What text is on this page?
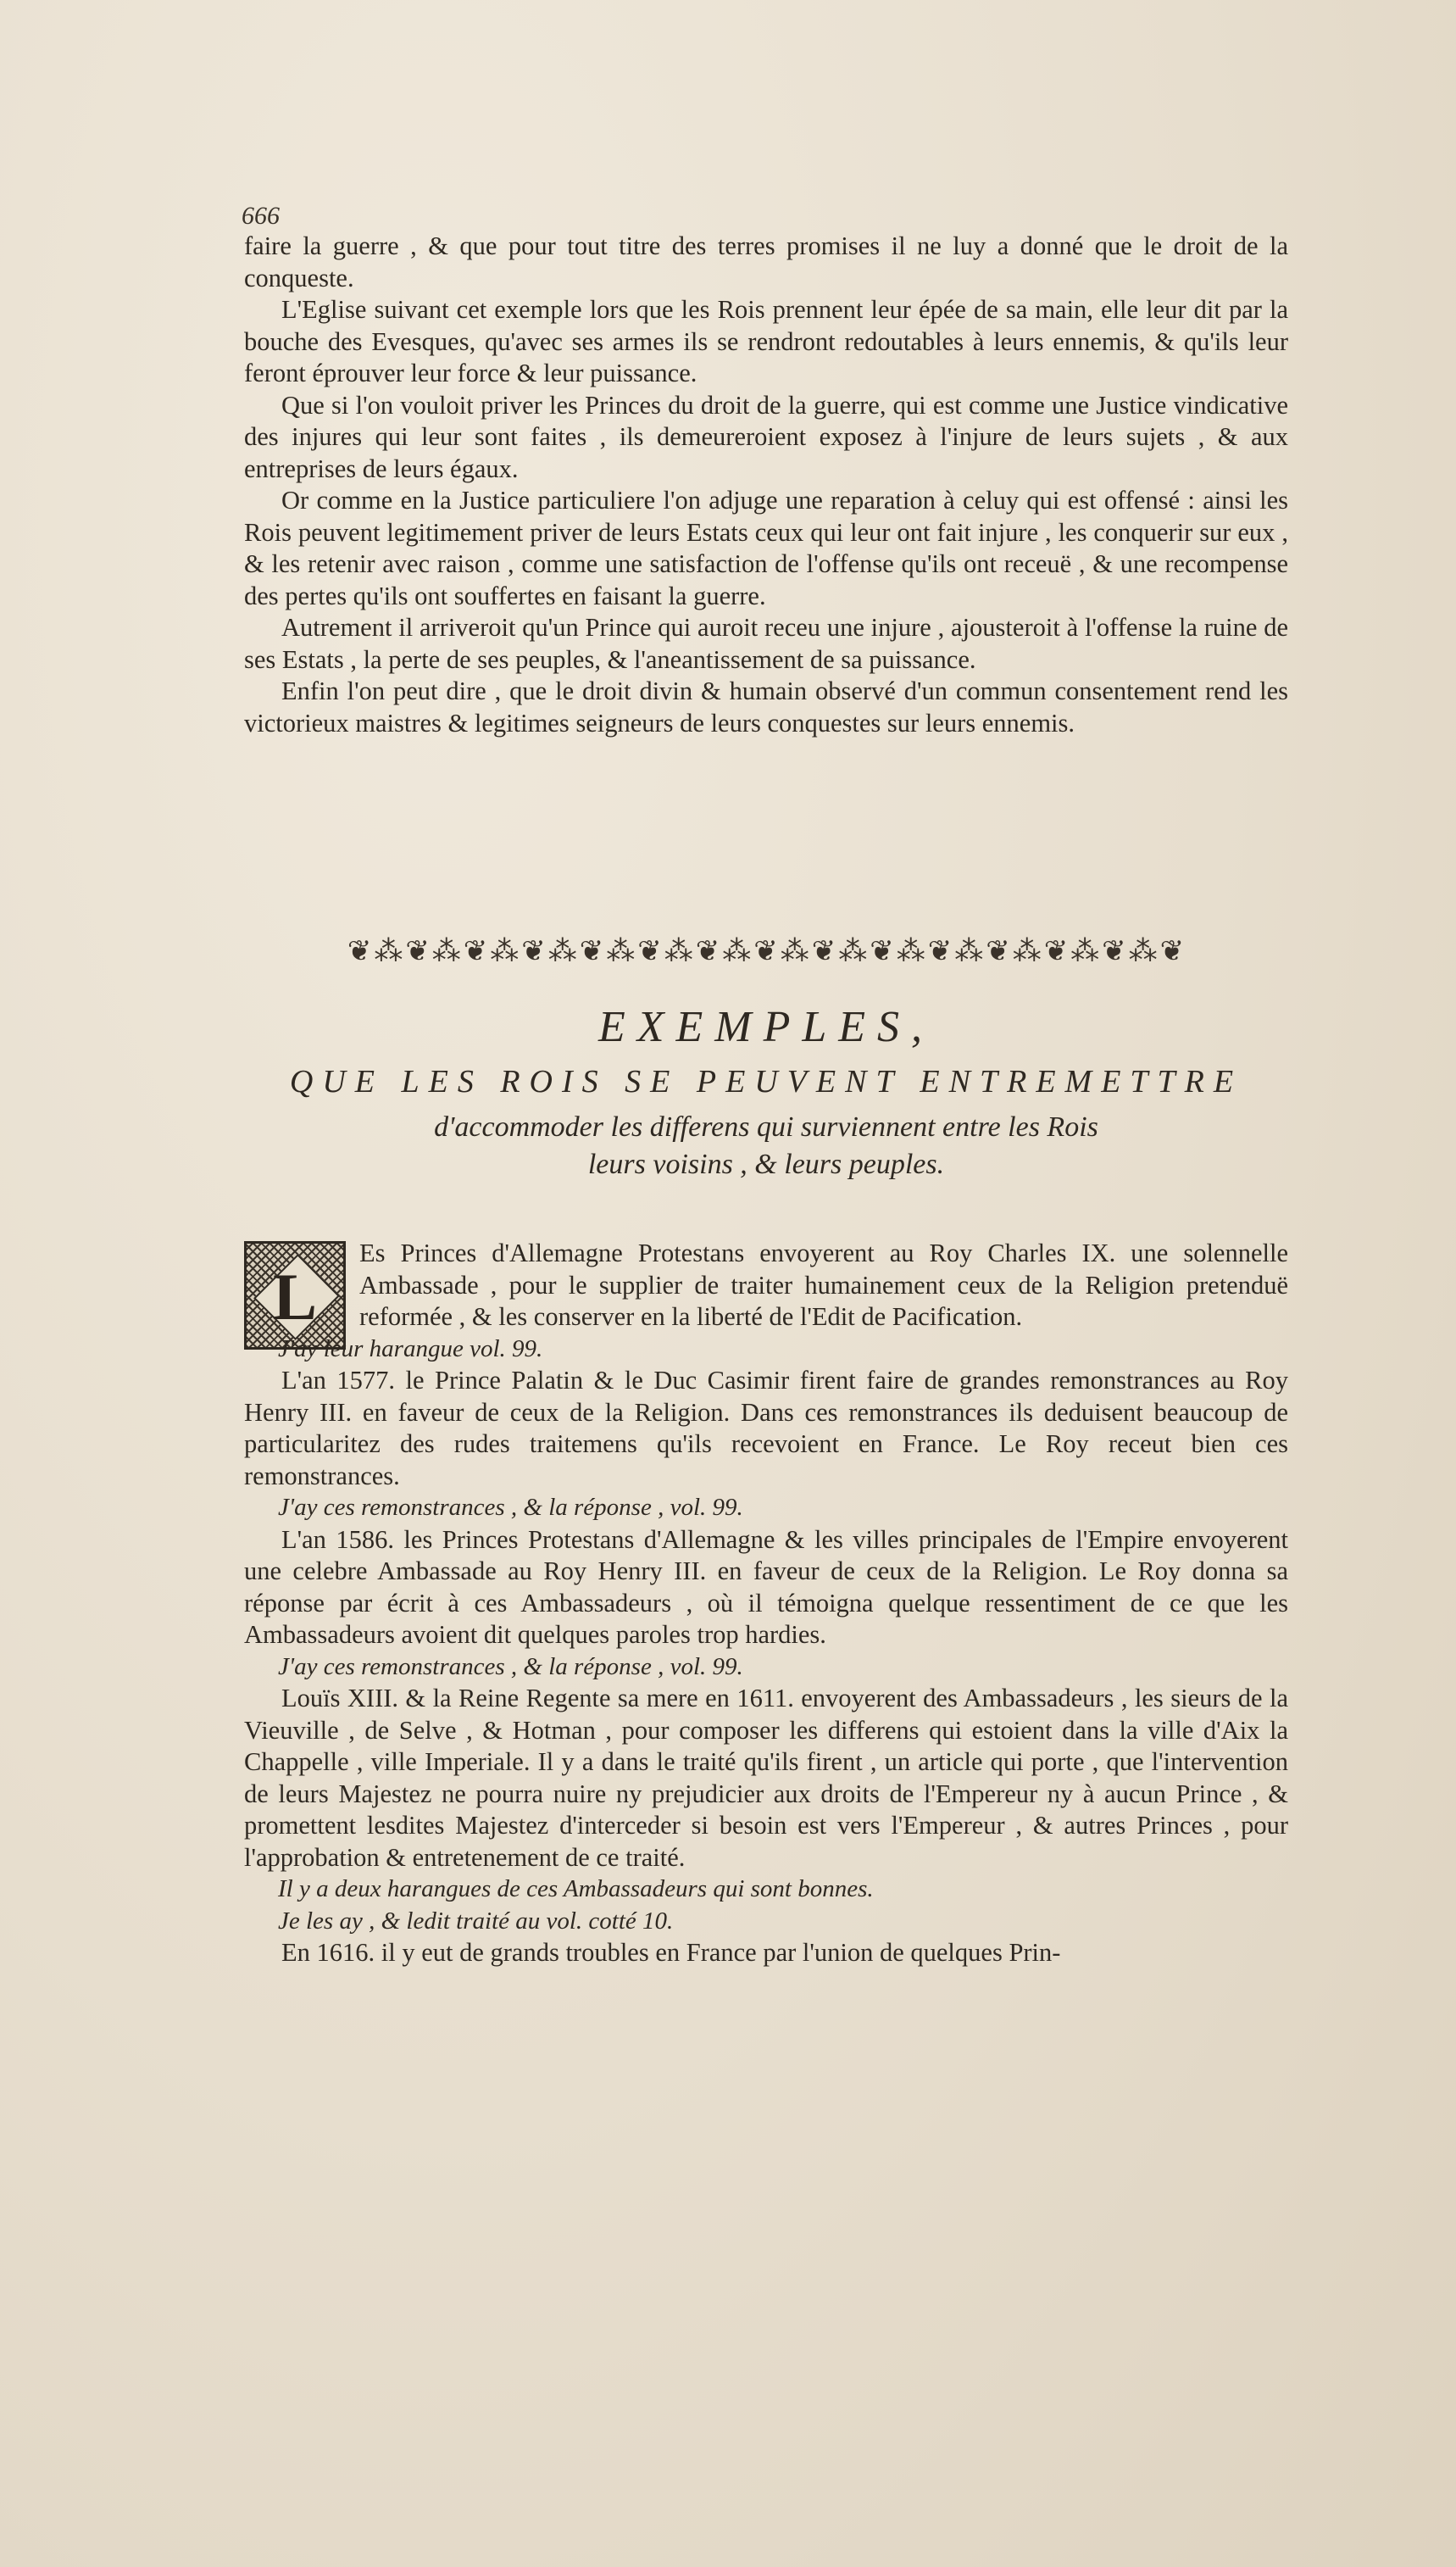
666

faire la guerre , & que pour tout titre des terres promises il ne luy a donné que le droit de la conqueste.

L'Eglise suivant cet exemple lors que les Rois prennent leur épée de sa main, elle leur dit par la bouche des Evesques, qu'avec ses armes ils se rendront redoutables à leurs ennemis, & qu'ils leur feront éprouver leur force & leur puissance.

Que si l'on vouloit priver les Princes du droit de la guerre, qui est comme une Justice vindicative des injures qui leur sont faites , ils demeureroient exposez à l'injure de leurs sujets , & aux entreprises de leurs égaux.

Or comme en la Justice particuliere l'on adjuge une reparation à celuy qui est offensé : ainsi les Rois peuvent legitimement priver de leurs Estats ceux qui leur ont fait injure , les conquerir sur eux , & les retenir avec raison , comme une satisfaction de l'offense qu'ils ont receuë , & une recompense des pertes qu'ils ont souffertes en faisant la guerre.

Autrement il arriveroit qu'un Prince qui auroit receu une injure , ajousteroit à l'offense la ruine de ses Estats , la perte de ses peuples, & l'aneantissement de sa puissance.

Enfin l'on peut dire , que le droit divin & humain observé d'un commun consentement rend les victorieux maistres & legitimes seigneurs de leurs conquestes sur leurs ennemis.

❦⁂❦⁂❦⁂❦⁂❦⁂❦⁂❦⁂❦⁂❦⁂❦⁂❦⁂❦⁂❦⁂❦⁂❦
EXEMPLES,
QUE LES ROIS SE PEUVENT ENTREMETTRE
d'accommoder les differens qui surviennent entre les Rois
leurs voisins , & leurs peuples.
L

Es Princes d'Allemagne Protestans envoyerent au Roy Charles IX. une solennelle Ambassade , pour le supplier de traiter humainement ceux de la Religion pretenduë reformée , & les conserver en la liberté de l'Edit de Pacification.

J'ay leur harangue vol. 99.

L'an 1577. le Prince Palatin & le Duc Casimir firent faire de grandes remonstrances au Roy Henry III. en faveur de ceux de la Religion. Dans ces remonstrances ils deduisent beaucoup de particularitez des rudes traitemens qu'ils recevoient en France. Le Roy receut bien ces remonstrances.

J'ay ces remonstrances , & la réponse , vol. 99.

L'an 1586. les Princes Protestans d'Allemagne & les villes principales de l'Empire envoyerent une celebre Ambassade au Roy Henry III. en faveur de ceux de la Religion. Le Roy donna sa réponse par écrit à ces Ambassadeurs , où il témoigna quelque ressentiment de ce que les Ambassadeurs avoient dit quelques paroles trop hardies.

J'ay ces remonstrances , & la réponse , vol. 99.

Louïs XIII. & la Reine Regente sa mere en 1611. envoyerent des Ambassadeurs , les sieurs de la Vieuville , de Selve , & Hotman , pour composer les differens qui estoient dans la ville d'Aix la Chappelle , ville Imperiale. Il y a dans le traité qu'ils firent , un article qui porte , que l'intervention de leurs Majestez ne pourra nuire ny prejudicier aux droits de l'Empereur ny à aucun Prince , & promettent lesdites Majestez d'interceder si besoin est vers l'Empereur , & autres Princes , pour l'approbation & entretenement de ce traité.

Il y a deux harangues de ces Ambassadeurs qui sont bonnes.

Je les ay , & ledit traité au vol. cotté 10.

En 1616. il y eut de grands troubles en France par l'union de quelques Prin-
